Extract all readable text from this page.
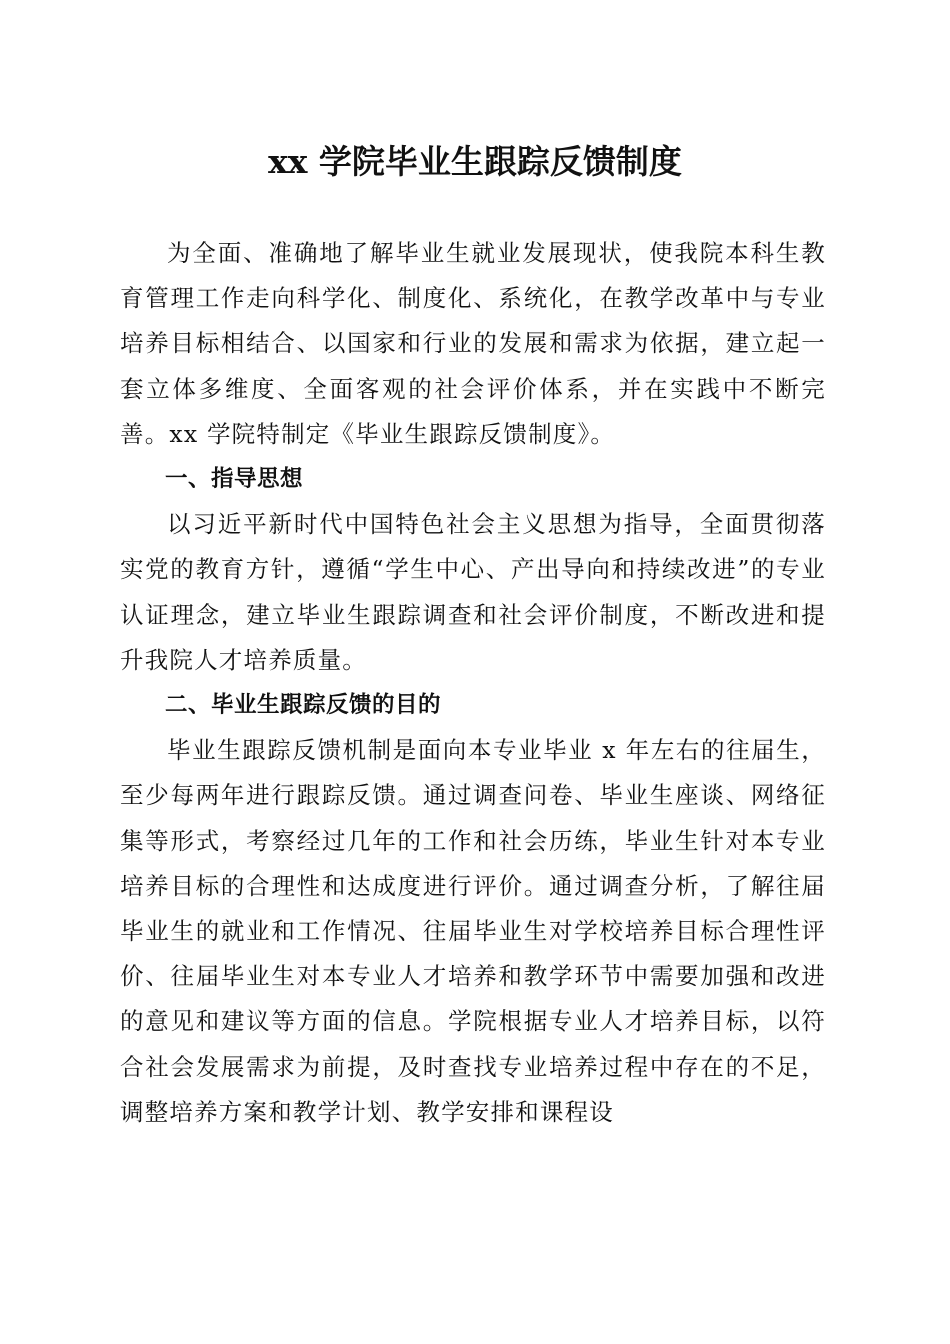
xx 学院毕业生跟踪反馈制度

为全面、准确地了解毕业生就业发展现状，使我院本科生教育管理工作走向科学化、制度化、系统化，在教学改革中与专业培养目标相结合、以国家和行业的发展和需求为依据，建立起一套立体多维度、全面客观的社会评价体系，并在实践中不断完善。xx 学院特制定《毕业生跟踪反馈制度》。

一、指导思想

以习近平新时代中国特色社会主义思想为指导，全面贯彻落实党的教育方针，遵循“学生中心、产出导向和持续改进”的专业认证理念，建立毕业生跟踪调查和社会评价制度，不断改进和提升我院人才培养质量。

二、毕业生跟踪反馈的目的

毕业生跟踪反馈机制是面向本专业毕业 x 年左右的往届生，至少每两年进行跟踪反馈。通过调查问卷、毕业生座谈、网络征集等形式，考察经过几年的工作和社会历练，毕业生针对本专业培养目标的合理性和达成度进行评价。通过调查分析，了解往届毕业生的就业和工作情况、往届毕业生对学校培养目标合理性评价、往届毕业生对本专业人才培养和教学环节中需要加强和改进的意见和建议等方面的信息。学院根据专业人才培养目标，以符合社会发展需求为前提，及时查找专业培养过程中存在的不足，调整培养方案和教学计划、教学安排和课程设
